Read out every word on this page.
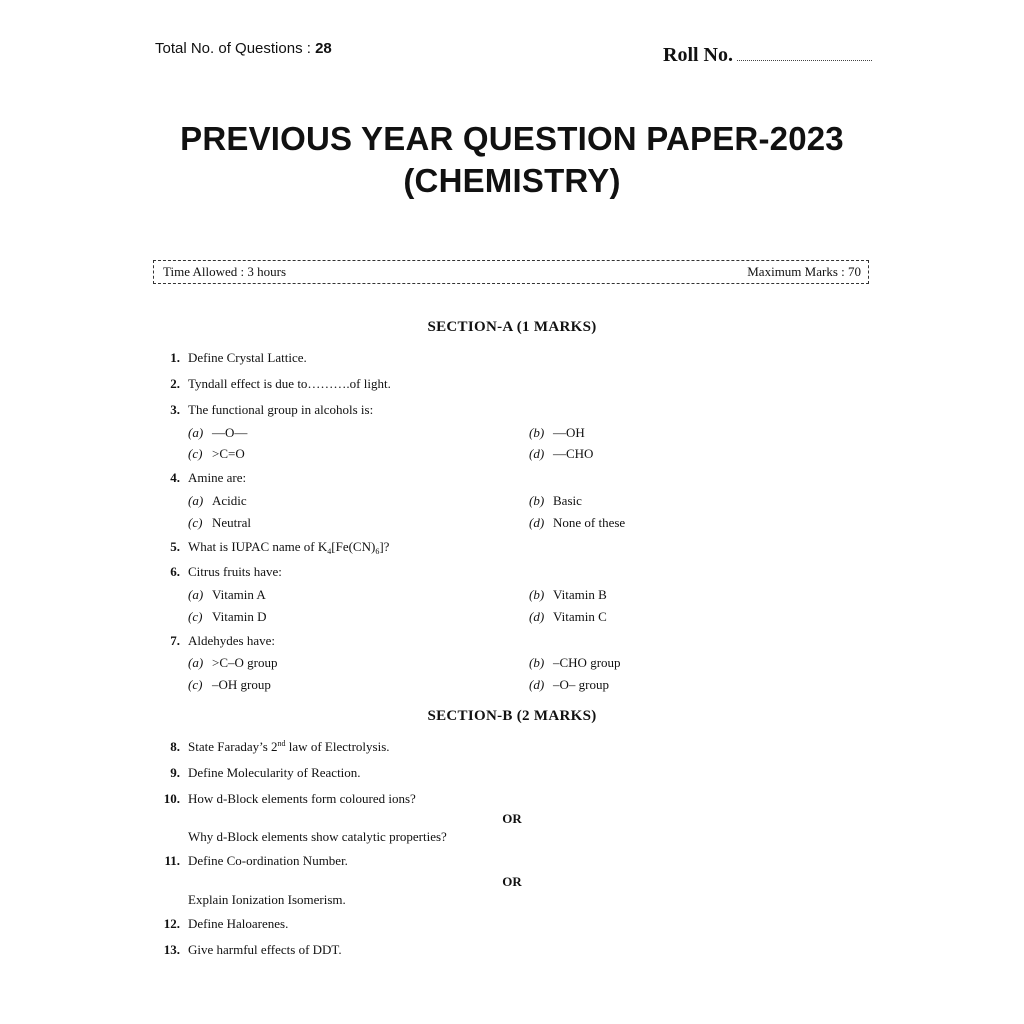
Total No. of Questions : 28	Roll No.
PREVIOUS YEAR QUESTION PAPER-2023
(CHEMISTRY)
Time Allowed : 3 hours	Maximum Marks : 70
SECTION-A (1 MARKS)
1. Define Crystal Lattice.
2. Tyndall effect is due to……….of light.
3. The functional group in alcohols is:
(a) —O—	(b) —OH
(c) >C=O	(d) —CHO
4. Amine are:
(a) Acidic	(b) Basic
(c) Neutral	(d) None of these
5. What is IUPAC name of $K_4[Fe(CN)_6]$?
6. Citrus fruits have:
(a) Vitamin A	(b) Vitamin B
(c) Vitamin D	(d) Vitamin C
7. Aldehydes have:
(a) >C–O group	(b) –CHO group
(c) –OH group	(d) –O– group
SECTION-B (2 MARKS)
8. State Faraday’s 2nd law of Electrolysis.
9. Define Molecularity of Reaction.
10. How d-Block elements form coloured ions?
OR
Why d-Block elements show catalytic properties?
11. Define Co-ordination Number.
OR
Explain Ionization Isomerism.
12. Define Haloarenes.
13. Give harmful effects of DDT.
